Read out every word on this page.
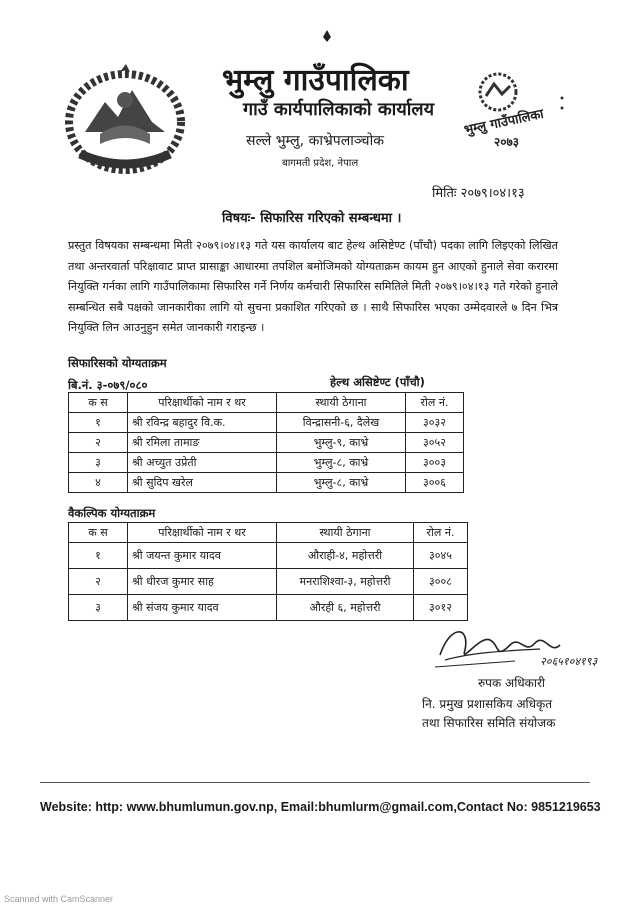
भुम्लु गाउँपालिका
गाउँ कार्यपालिकाको कार्यालय
सल्ले भुम्लु, काभ्रेपलाञ्चोक
बागमती प्रदेश, नेपाल
भुम्लु गाउँपालिका
२०७३
मितिः २०७९।०४।१३
विषयः- सिफारिस गरिएको सम्बन्धमा ।
प्रस्तुत विषयका सम्बन्धमा मिती २०७९।०४।१३ गते यस कार्यालय बाट हेल्थ असिष्टेण्ट (पाँचौ) पदका लागि लिइएको लिखित तथा अन्तरवार्ता परिक्षावाट प्राप्त प्रासाङ्का आधारमा तपशिल बमोजिमको योग्यताक्रम कायम हुन आएको हुनाले सेवा करारमा नियुक्ति गर्नका लागि गाउँपालिकामा सिफारिस गर्ने निर्णय कर्मचारी सिफारिस समितिले मिती २०७९।०४।१३ गते गरेको हुनाले सम्बन्धित सबै पक्षको जानकारीका लागि यो सुचना प्रकाशित गरिएको छ । साथै सिफारिस भएका उम्मेदवारले ७ दिन भित्र नियुक्ति लिन आउनुहुन समेत जानकारी गराइन्छ ।
सिफारिसको योग्यताक्रम
बि.नं. ३-०७९/०८०	हेल्थ असिष्टेण्ट (पाँचौ)
क स	परिक्षार्थीको नाम र थर	स्थायी ठेगाना	रोल नं.
१	श्री रविन्द्र बहादुर वि.क.	विन्द्रासनी-६, दैलेख	३०३२
२	श्री रमिला तामाङ	भुम्लु-९, काभ्रे	३०५२
३	श्री अच्युत उप्रेती	भुम्लु-८, काभ्रे	३००३
४	श्री सुदिप खरेल	भुम्लु-८, काभ्रे	३००६
वैकल्पिक योग्यताक्रम
क स	परिक्षार्थीको नाम र थर	स्थायी ठेगाना	रोल नं.
१	श्री जयन्त कुमार यादव	औराही-४, महोत्तरी	३०४५
२	श्री धीरज कुमार साह	मनराशिश्वा-३, महोत्तरी	३००८
३	श्री संजय कुमार यादव	औरही ६, महोत्तरी	३०१२
२०६५१०४१९३
रुपक अधिकारी
नि. प्रमुख प्रशासकिय अधिकृत
तथा सिफारिस समिति संयोजक
Website: http: www.bhumlumun.gov.np, Email:bhumlurm@gmail.com,Contact No: 9851219653
Scanned with CamScanner
